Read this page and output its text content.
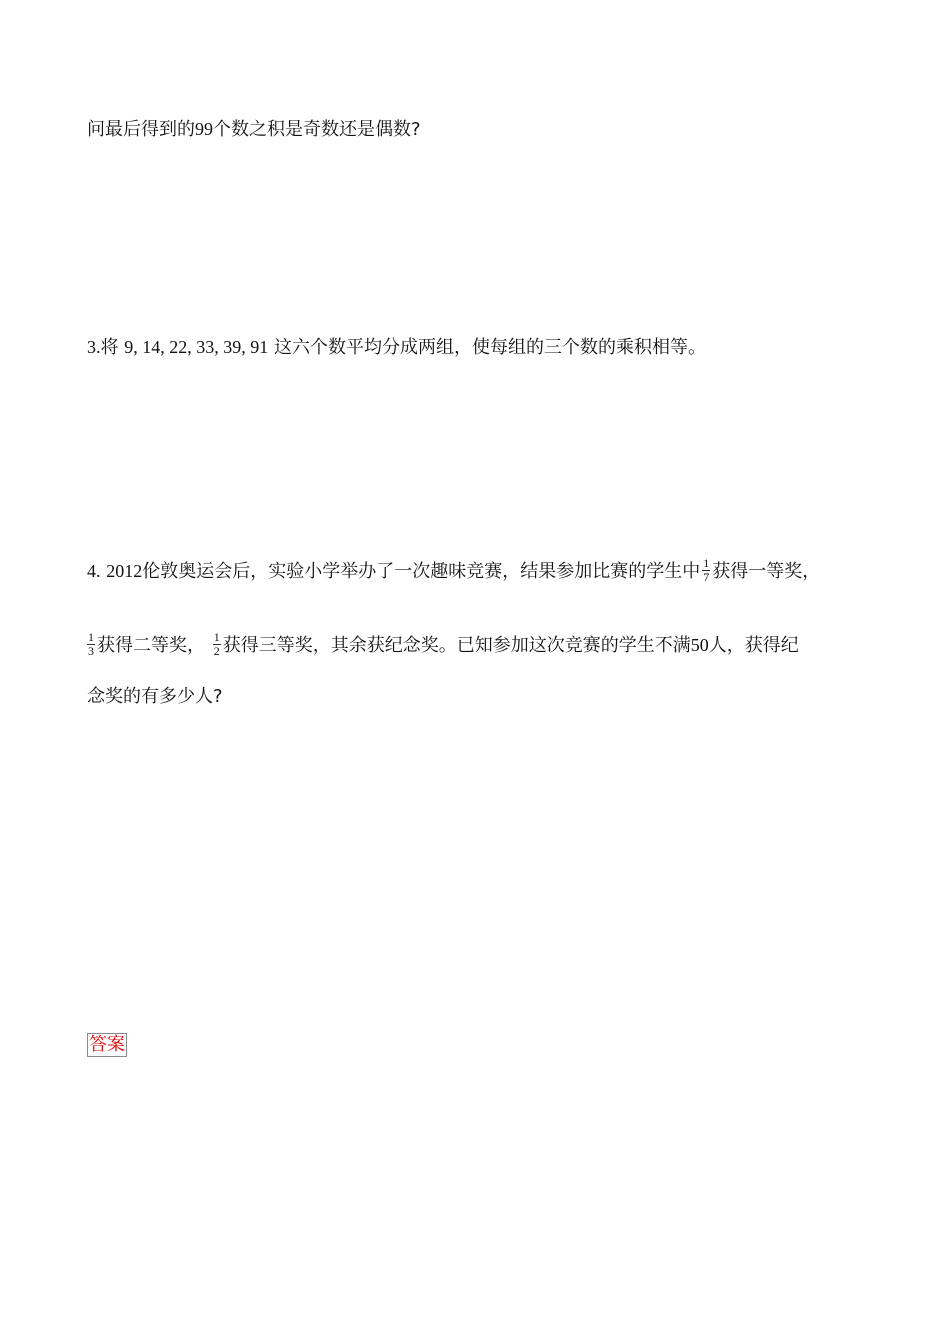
问最后得到的99个数之积是奇数还是偶数?
3.将 9, 14, 22, 33, 39, 91 这六个数平均分成两组，使每组的三个数的乘积相等。
4. 2012伦敦奥运会后，实验小学举办了一次趣味竞赛，结果参加比赛的学生中 $\frac{1}{7}$ 获得一等奖，
$\frac{1}{3}$ 获得二等奖， $\frac{1}{2}$ 获得三等奖，其余获纪念奖。已知参加这次竞赛的学生不满50人，获得纪
念奖的有多少人?
答案
